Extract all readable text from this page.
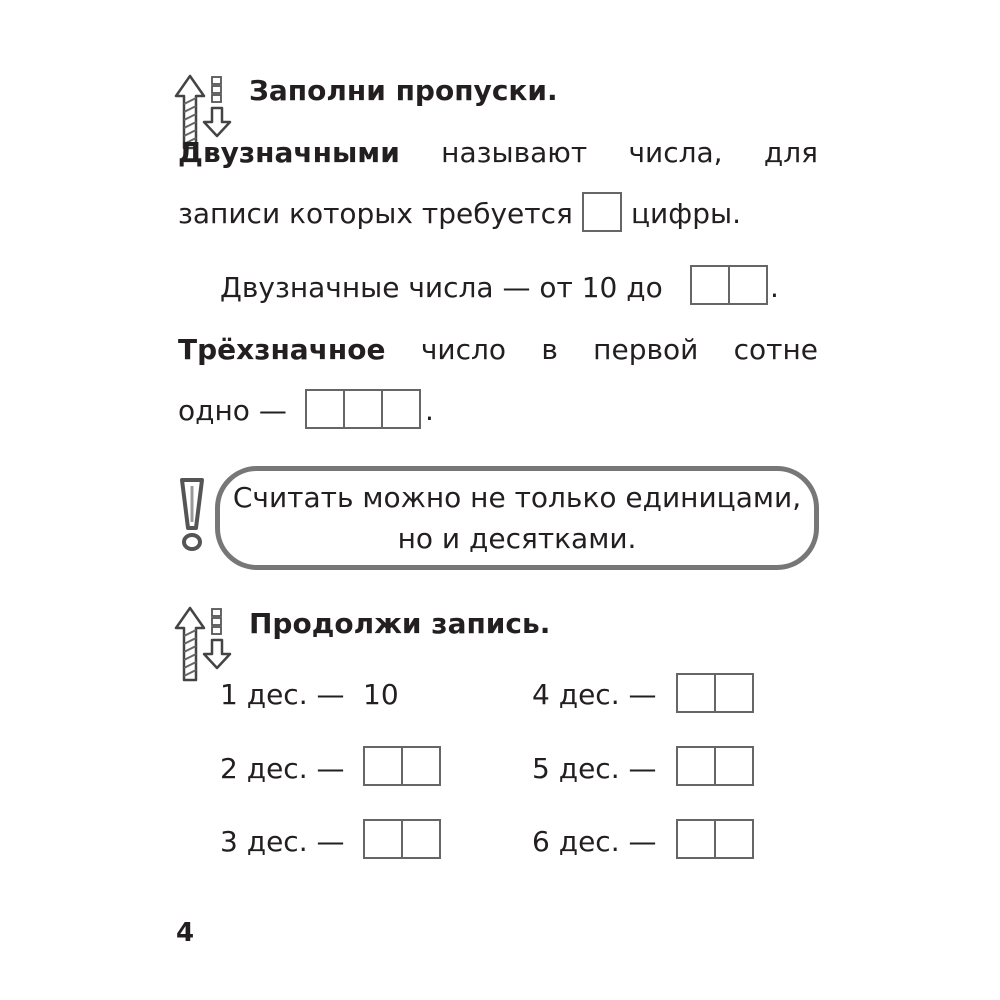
Заполни пропуски.
Двузначными называют числа, для
записи которых требуется цифры.
Двузначные числа — от 10 до	.
Трёхзначное число в первой сотне
одно —	.
Считать можно не только единицами,
но и десятками.
Продолжи запись.
1 дес. — 10
2 дес. —
3 дес. —
4 дес. —
5 дес. —
6 дес. —
4
